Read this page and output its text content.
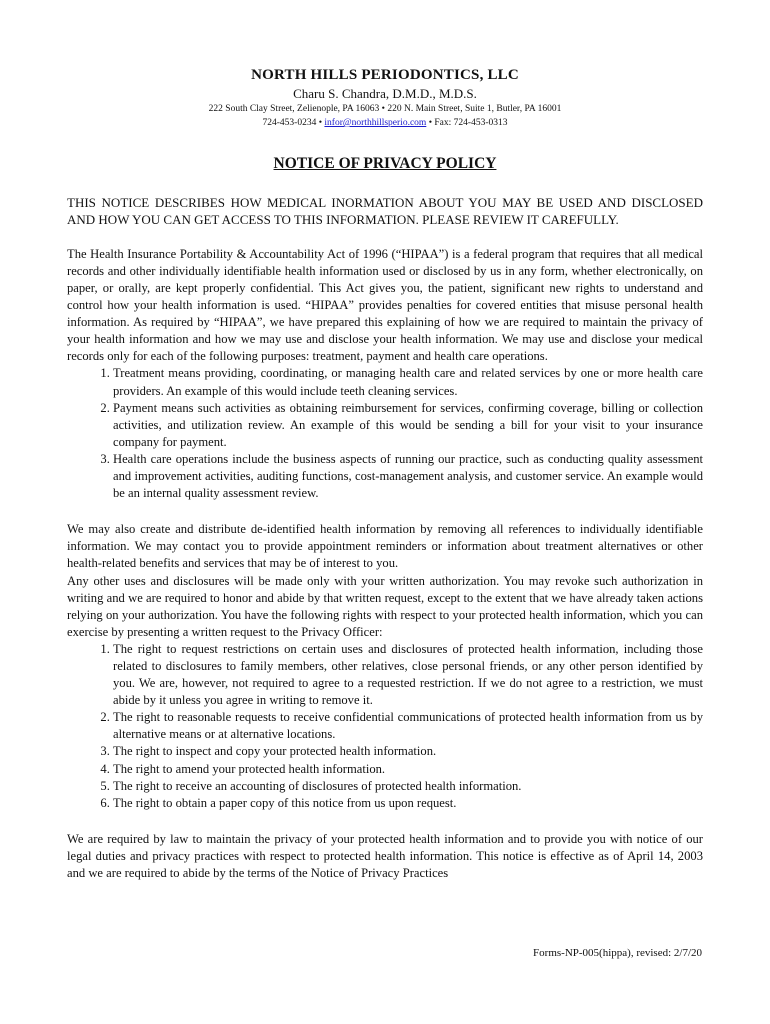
NORTH HILLS PERIODONTICS, LLC
Charu S. Chandra, D.M.D., M.D.S.
222 South Clay Street, Zelienople, PA 16063 • 220 N. Main Street, Suite 1, Butler, PA 16001
724-453-0234 • infor@northhillsperio.com • Fax: 724-453-0313
NOTICE OF PRIVACY POLICY
THIS NOTICE DESCRIBES HOW MEDICAL INORMATION ABOUT YOU MAY BE USED AND DISCLOSED AND HOW YOU CAN GET ACCESS TO THIS INFORMATION. PLEASE REVIEW IT CAREFULLY.

The Health Insurance Portability & Accountability Act of 1996 (“HIPAA”) is a federal program that requires that all medical records and other individually identifiable health information used or disclosed by us in any form, whether electronically, on paper, or orally, are kept properly confidential. This Act gives you, the patient, significant new rights to understand and control how your health information is used. “HIPAA” provides penalties for covered entities that misuse personal health information. As required by “HIPAA”, we have prepared this explaining of how we are required to maintain the privacy of your health information and how we may use and disclose your health information. We may use and disclose your medical records only for each of the following purposes: treatment, payment and health care operations.

1. Treatment means providing, coordinating, or managing health care and related services by one or more health care providers. An example of this would include teeth cleaning services.
2. Payment means such activities as obtaining reimbursement for services, confirming coverage, billing or collection activities, and utilization review. An example of this would be sending a bill for your visit to your insurance company for payment.
3. Health care operations include the business aspects of running our practice, such as conducting quality assessment and improvement activities, auditing functions, cost-management analysis, and customer service. An example would be an internal quality assessment review.

We may also create and distribute de-identified health information by removing all references to individually identifiable information. We may contact you to provide appointment reminders or information about treatment alternatives or other health-related benefits and services that may be of interest to you.

Any other uses and disclosures will be made only with your written authorization. You may revoke such authorization in writing and we are required to honor and abide by that written request, except to the extent that we have already taken actions relying on your authorization. You have the following rights with respect to your protected health information, which you can exercise by presenting a written request to the Privacy Officer:

1. The right to request restrictions on certain uses and disclosures of protected health information, including those related to disclosures to family members, other relatives, close personal friends, or any other person identified by you. We are, however, not required to agree to a requested restriction. If we do not agree to a restriction, we must abide by it unless you agree in writing to remove it.
2. The right to reasonable requests to receive confidential communications of protected health information from us by alternative means or at alternative locations.
3. The right to inspect and copy your protected health information.
4. The right to amend your protected health information.
5. The right to receive an accounting of disclosures of protected health information.
6. The right to obtain a paper copy of this notice from us upon request.

We are required by law to maintain the privacy of your protected health information and to provide you with notice of our legal duties and privacy practices with respect to protected health information. This notice is effective as of April 14, 2003 and we are required to abide by the terms of the Notice of Privacy Practices

Forms-NP-005(hippa), revised: 2/7/20
